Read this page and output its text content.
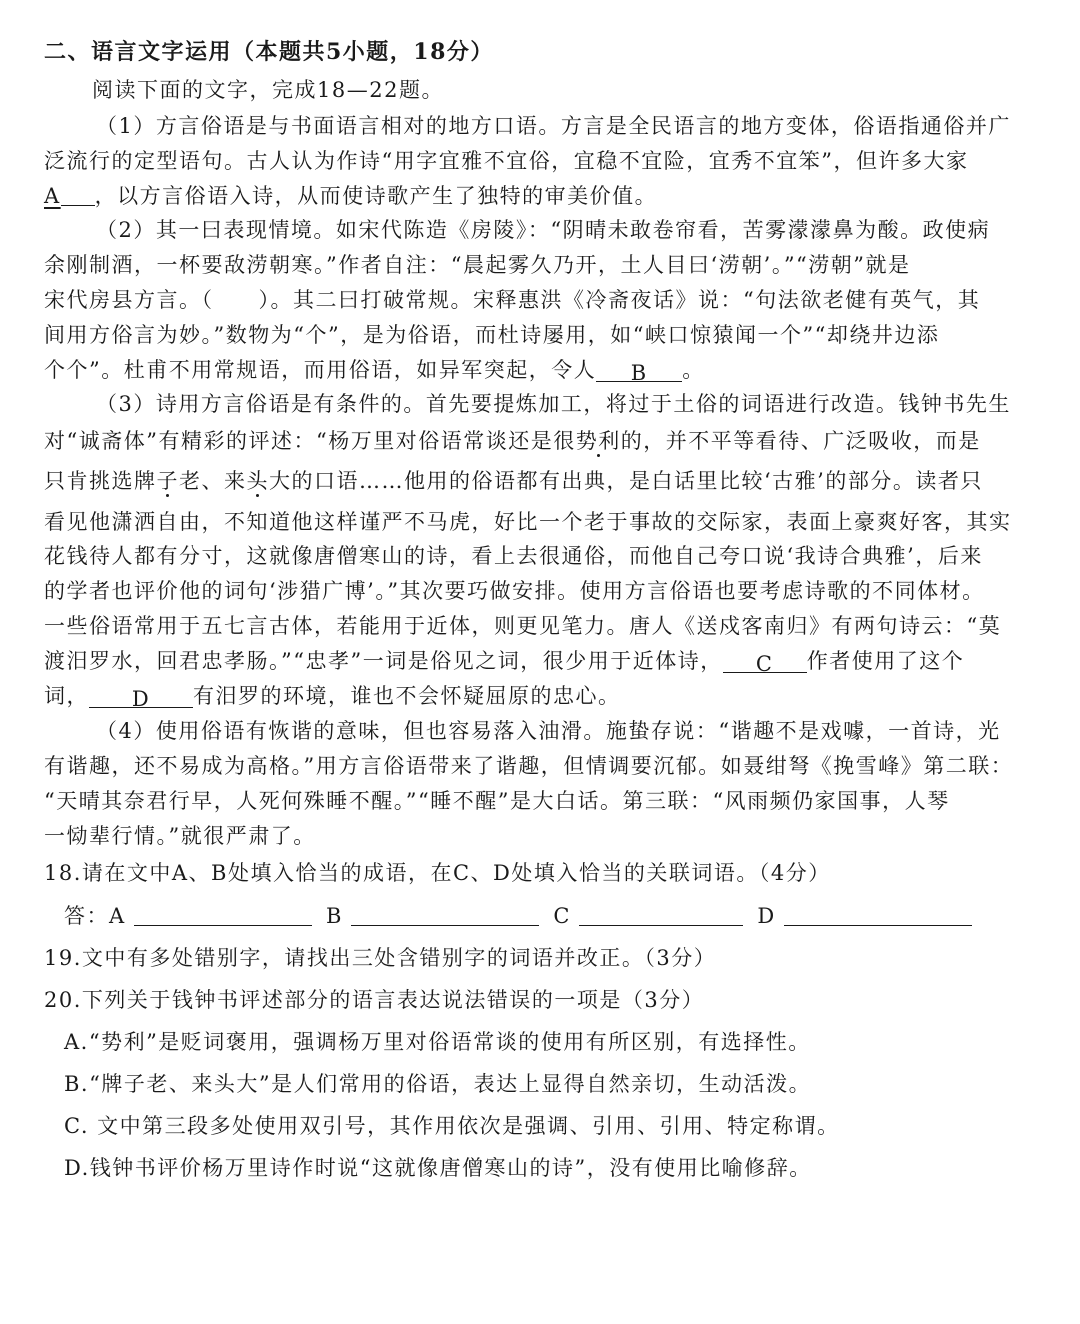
二、语言文字运用（本题共5小题，18分）
阅读下面的文字，完成18—22题。
（1）方言俗语是与书面语言相对的地方口语。方言是全民语言的地方变体，俗语指通俗并广
泛流行的定型语句。古人认为作诗“用字宜雅不宜俗，宜稳不宜险，宜秀不宜笨”，但许多大家
A ，以方言俗语入诗，从而使诗歌产生了独特的审美价值。
（2）其一曰表现情境。如宋代陈造《房陵》：“阴晴未敢卷帘看，苦雾濛濛鼻为酸。政使病
余刚制酒，一杯要敌涝朝寒。”作者自注：“晨起雾久乃开，土人目曰‘涝朝’。”“涝朝”就是
宋代房县方言。（　　）。其二曰打破常规。宋释惠洪《冷斋夜话》说：“句法欲老健有英气，其
间用方俗言为妙。”数物为“个”，是为俗语，而杜诗屡用，如“峡口惊猿闻一个”“却绕井边添
个个”。杜甫不用常规语，而用俗语，如异军突起，令人 B 。
（3）诗用方言俗语是有条件的。首先要提炼加工，将过于土俗的词语进行改造。钱钟书先生
对“诚斋体”有精彩的评述：“杨万里对俗语常谈还是很势利的，并不平等看待、广泛吸收，而是
只肯挑选牌子老、来头大的口语……他用的俗语都有出典，是白话里比较‘古雅’的部分。读者只
看见他潇洒自由，不知道他这样谨严不马虎，好比一个老于事故的交际家，表面上豪爽好客，其实
花钱待人都有分寸，这就像唐僧寒山的诗，看上去很通俗，而他自己夸口说‘我诗合典雅’，后来
的学者也评价他的词句‘涉猎广博’。”其次要巧做安排。使用方言俗语也要考虑诗歌的不同体材。
一些俗语常用于五七言古体，若能用于近体，则更见笔力。唐人《送戍客南归》有两句诗云：“莫
渡汨罗水，回君忠孝肠。”“忠孝”一词是俗见之词，很少用于近体诗， C 作者使用了这个
词， D 有汨罗的环境，谁也不会怀疑屈原的忠心。
（4）使用俗语有恢谐的意味，但也容易落入油滑。施蛰存说：“谐趣不是戏噱，一首诗，光
有谐趣，还不易成为高格。”用方言俗语带来了谐趣，但情调要沉郁。如聂绀弩《挽雪峰》第二联：
“天晴其奈君行早，人死何殊睡不醒。”“睡不醒”是大白话。第三联：“风雨频仍家国事，人琴
一恸辈行情。”就很严肃了。
18.请在文中A、B处填入恰当的成语，在C、D处填入恰当的关联词语。（4分）
答：A	B	C	D
19.文中有多处错别字，请找出三处含错别字的词语并改正。（3分）
20.下列关于钱钟书评述部分的语言表达说法错误的一项是（3分）
A.“势利”是贬词褒用，强调杨万里对俗语常谈的使用有所区别，有选择性。
B.“牌子老、来头大”是人们常用的俗语，表达上显得自然亲切，生动活泼。
C. 文中第三段多处使用双引号，其作用依次是强调、引用、引用、特定称谓。
D.钱钟书评价杨万里诗作时说“这就像唐僧寒山的诗”，没有使用比喻修辞。
